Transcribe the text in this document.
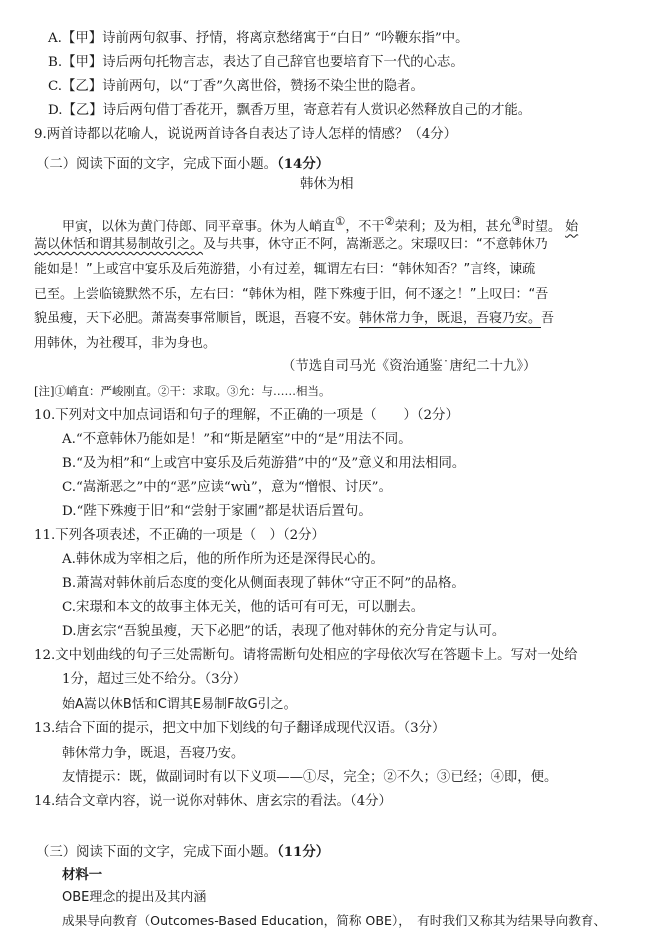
A.【甲】诗前两句叙事、抒情，将离京愁绪寓于“白日” “吟鞭东指”中。
B.【甲】诗后两句托物言志，表达了自己辞官也要培育下一代的心志。
C.【乙】诗前两句，以“丁香”久离世俗，赞扬不染尘世的隐者。
D.【乙】诗后两句借丁香花开，飘香万里，寄意若有人赏识必然释放自己的才能。
9.两首诗都以花喻人，说说两首诗各自表达了诗人怎样的情感？（4分）
（二）阅读下面的文字，完成下面小题。（14分）
韩休为相
甲寅，以休为黄门侍郎、同平章事。休为人峭直①，不干②荣利；及为相，甚允③时望。 始
嵩以休恬和谓其易制故引之。及与共事，休守正不阿，嵩渐恶之。宋璟叹曰：“不意韩休乃
能如是！”上或宫中宴乐及后苑游猎，小有过差，辄谓左右曰：“韩休知否？”言终，谏疏
已至。上尝临镜默然不乐，左右曰：“韩休为相，陛下殊瘦于旧，何不逐之！”上叹曰：“吾
貌虽瘦，天下必肥。萧嵩奏事常顺旨，既退，吾寝不安。韩休常力争，既退，吾寝乃安。吾
用韩休，为社稷耳，非为身也。
（节选自司马光《资治通鉴˙唐纪二十九》）
[注]①峭直：严峻刚直。②干：求取。③允：与……相当。
10.下列对文中加点词语和句子的理解，不正确的一项是（　　）（2分）
A.“不意韩休乃能如是！”和“斯是陋室”中的“是”用法不同。
B.“及为相”和“上或宫中宴乐及后苑游猎”中的“及”意义和用法相同。
C.“嵩渐恶之”中的“恶”应读“wù”，意为“憎恨、讨厌”。
D.“陛下殊瘦于旧”和“尝射于家圃”都是状语后置句。
11.下列各项表述，不正确的一项是（　）（2分）
A.韩休成为宰相之后，他的所作所为还是深得民心的。
B.萧嵩对韩休前后态度的变化从侧面表现了韩休“守正不阿”的品格。
C.宋璟和本文的故事主体无关，他的话可有可无，可以删去。
D.唐玄宗“吾貌虽瘦，天下必肥”的话，表现了他对韩休的充分肯定与认可。
12.文中划曲线的句子三处需断句。请将需断句处相应的字母依次写在答题卡上。写对一处给
1分，超过三处不给分。（3分）
始A嵩以休B恬和C谓其E易制F故G引之。
13.结合下面的提示，把文中加下划线的句子翻译成现代汉语。（3分）
韩休常力争，既退，吾寝乃安。
友情提示：既，做副词时有以下义项——①尽，完全；②不久；③已经；④即，便。
14.结合文章内容，说一说你对韩休、唐玄宗的看法。（4分）
（三）阅读下面的文字，完成下面小题。（11分）
材料一
OBE理念的提出及其内涵
成果导向教育（Outcomes-Based Education，简称 OBE），　有时我们又称其为结果导向教育、
